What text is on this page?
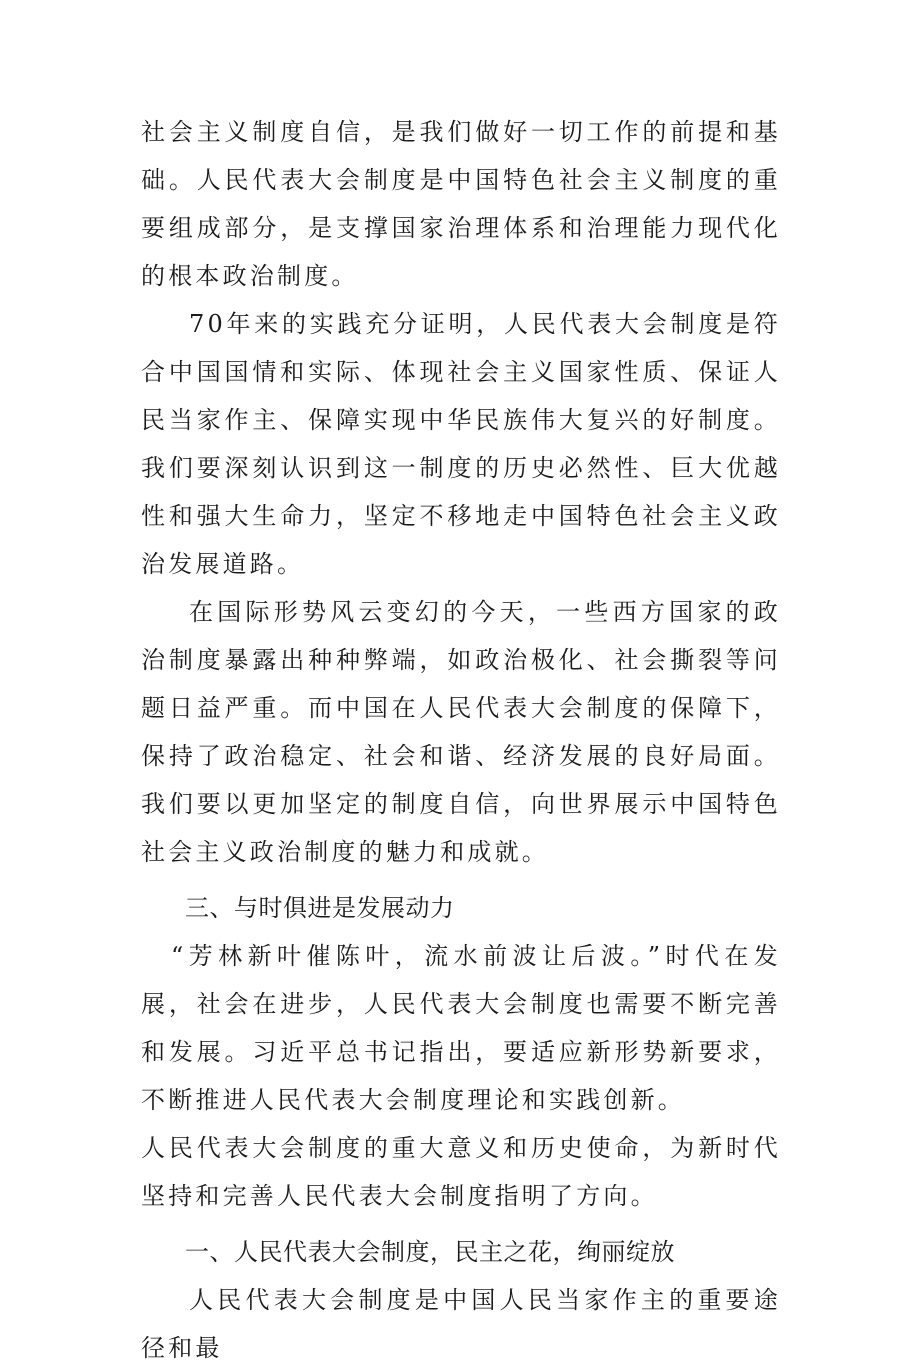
社会主义制度自信，是我们做好一切工作的前提和基础。人民代表大会制度是中国特色社会主义制度的重要组成部分，是支撑国家治理体系和治理能力现代化的根本政治制度。

70年来的实践充分证明，人民代表大会制度是符合中国国情和实际、体现社会主义国家性质、保证人民当家作主、保障实现中华民族伟大复兴的好制度。我们要深刻认识到这一制度的历史必然性、巨大优越性和强大生命力，坚定不移地走中国特色社会主义政治发展道路。

在国际形势风云变幻的今天，一些西方国家的政治制度暴露出种种弊端，如政治极化、社会撕裂等问题日益严重。而中国在人民代表大会制度的保障下，保持了政治稳定、社会和谐、经济发展的良好局面。我们要以更加坚定的制度自信，向世界展示中国特色社会主义政治制度的魅力和成就。

三、与时俱进是发展动力

“芳林新叶催陈叶，流水前波让后波。”时代在发展，社会在进步，人民代表大会制度也需要不断完善和发展。习近平总书记指出，要适应新形势新要求，不断推进人民代表大会制度理论和实践创新。

人民代表大会制度的重大意义和历史使命，为新时代坚持和完善人民代表大会制度指明了方向。

一、人民代表大会制度，民主之花，绚丽绽放

人民代表大会制度是中国人民当家作主的重要途径和最
